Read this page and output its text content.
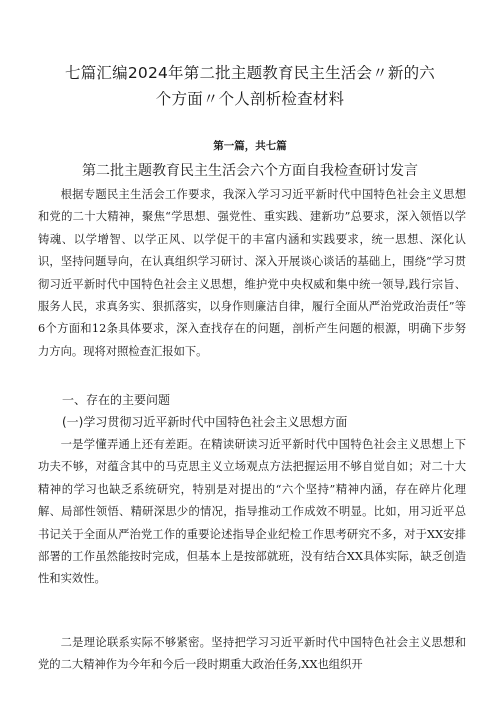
七篇汇编2024年第二批主题教育民主生活会〃新的六个方面〃个人剖析检查材料
第一篇，共七篇
第二批主题教育民主生活会六个方面自我检查研讨发言

根据专题民主生活会工作要求，我深入学习习近平新时代中国特色社会主义思想和党的二十大精神，聚焦“学思想、强党性、重实践、建新功”总要求，深入领悟以学铸魂、以学增智、以学正风、以学促干的丰富内涵和实践要求，统一思想、深化认识，坚持问题导向，在认真组织学习研讨、深入开展谈心谈话的基础上，围绕“学习贯彻习近平新时代中国特色社会主义思想，维护党中央权威和集中统一领导,践行宗旨、服务人民，求真务实、狠抓落实，以身作则廉洁自律，履行全面从严治党政治责任”等6个方面和12条具体要求，深入查找存在的问题，剖析产生问题的根源，明确下步努力方向。现将对照检查汇报如下。

一、存在的主要问题
(一)学习贯彻习近平新时代中国特色社会主义思想方面

一是学懂弄通上还有差距。在精读研读习近平新时代中国特色社会主义思想上下功夫不够，对蕴含其中的马克思主义立场观点方法把握运用不够自觉自如；对二十大精神的学习也缺乏系统研究，特别是对提出的“六个坚持”精神内涵，存在碎片化理解、局部性领悟、精研深思少的情况，指导推动工作成效不明显。比如，用习近平总书记关于全面从严治党工作的重要论述指导企业纪检工作思考研究不多，对于XX安排部署的工作虽然能按时完成，但基本上是按部就班，没有结合XX具体实际，缺乏创造性和实效性。

二是理论联系实际不够紧密。坚持把学习习近平新时代中国特色社会主义思想和党的二大精神作为今年和今后一段时期重大政治任务,XX也组织开
